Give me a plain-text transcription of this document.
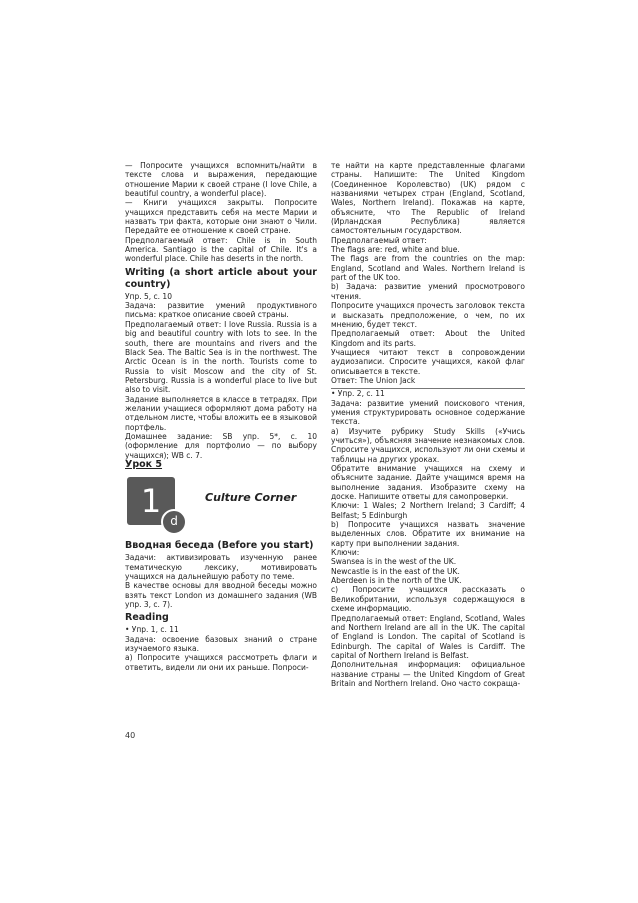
— Попросите учащихся вспомнить/найти в тексте слова и выражения, передающие отношение Марии к своей стране (I love Chile, a beautiful country, a wonderful place).

— Книги учащихся закрыты. Попросите учащихся представить себя на месте Марии и назвать три факта, которые они знают о Чили. Передайте ее отношение к своей стране.

Предполагаемый ответ: Chile is in South America. Santiago is the capital of Chile. It's a wonderful place. Chile has deserts in the north.

Writing (a short article about your country)

Упр. 5, с. 10

Задача: развитие умений продуктивного письма: краткое описание своей страны.

Предполагаемый ответ: I love Russia. Russia is a big and beautiful country with lots to see. In the south, there are mountains and rivers and the Black Sea. The Baltic Sea is in the northwest. The Arctic Ocean is in the north. Tourists come to Russia to visit Moscow and the city of St. Petersburg. Russia is a wonderful place to live but also to visit.

Задание выполняется в классе в тетрадях. При желании учащиеся оформляют дома работу на отдельном листе, чтобы вложить ее в языковой портфель.

Домашнее задание: SB упр. 5*, с. 10 (оформление для портфолио — по выбору учащихся); WB с. 7.

Урок 5

1
d
Culture Corner

Вводная беседа (Before you start)

Задачи: активизировать изученную ранее тематическую лексику, мотивировать учащихся на дальнейшую работу по теме.

В качестве основы для вводной беседы можно взять текст London из домашнего задания (WB упр. 3, с. 7).

Reading

• Упр. 1, с. 11

Задача: освоение базовых знаний о стране изучаемого языка.

а) Попросите учащихся рассмотреть флаги и ответить, видели ли они их раньше. Попроси-

те найти на карте представленные флагами страны. Напишите: The United Kingdom (Соединенное Королевство) (UK) рядом с названиями четырех стран (England, Scotland, Wales, Northern Ireland). Покажав на карте, объясните, что The Republic of Ireland (Ирландская Республика) является самостоятельным государством.

Предполагаемый ответ:

The flags are: red, white and blue.

The flags are from the countries on the map: England, Scotland and Wales. Northern Ireland is part of the UK too.

b) Задача: развитие умений просмотрового чтения.

Попросите учащихся прочесть заголовок текста и высказать предположение, о чем, по их мнению, будет текст.

Предполагаемый ответ: About the United Kingdom and its parts.

Учащиеся читают текст в сопровождении аудиозаписи. Спросите учащихся, какой флаг описывается в тексте.

Ответ: The Union Jack

• Упр. 2, с. 11

Задача: развитие умений поискового чтения, умения структурировать основное содержание текста.

а) Изучите рубрику Study Skills («Учись учиться»), объясняя значение незнакомых слов. Спросите учащихся, используют ли они схемы и таблицы на других уроках.

Обратите внимание учащихся на схему и объясните задание. Дайте учащимся время на выполнение задания. Изобразите схему на доске. Напишите ответы для самопроверки.

Ключи: 1 Wales; 2 Northern Ireland; 3 Cardiff; 4 Belfast; 5 Edinburgh

b) Попросите учащихся назвать значение выделенных слов. Обратите их внимание на карту при выполнении задания.

Ключи:

Swansea is in the west of the UK.

Newcastle is in the east of the UK.

Aberdeen is in the north of the UK.

c) Попросите учащихся рассказать о Великобритании, используя содержащуюся в схеме информацию.

Предполагаемый ответ: England, Scotland, Wales and Northern Ireland are all in the UK. The capital of England is London. The capital of Scotland is Edinburgh. The capital of Wales is Cardiff. The capital of Northern Ireland is Belfast.

Дополнительная информация: официальное название страны — the United Kingdom of Great Britain and Northern Ireland. Оно часто сокраща-

40
